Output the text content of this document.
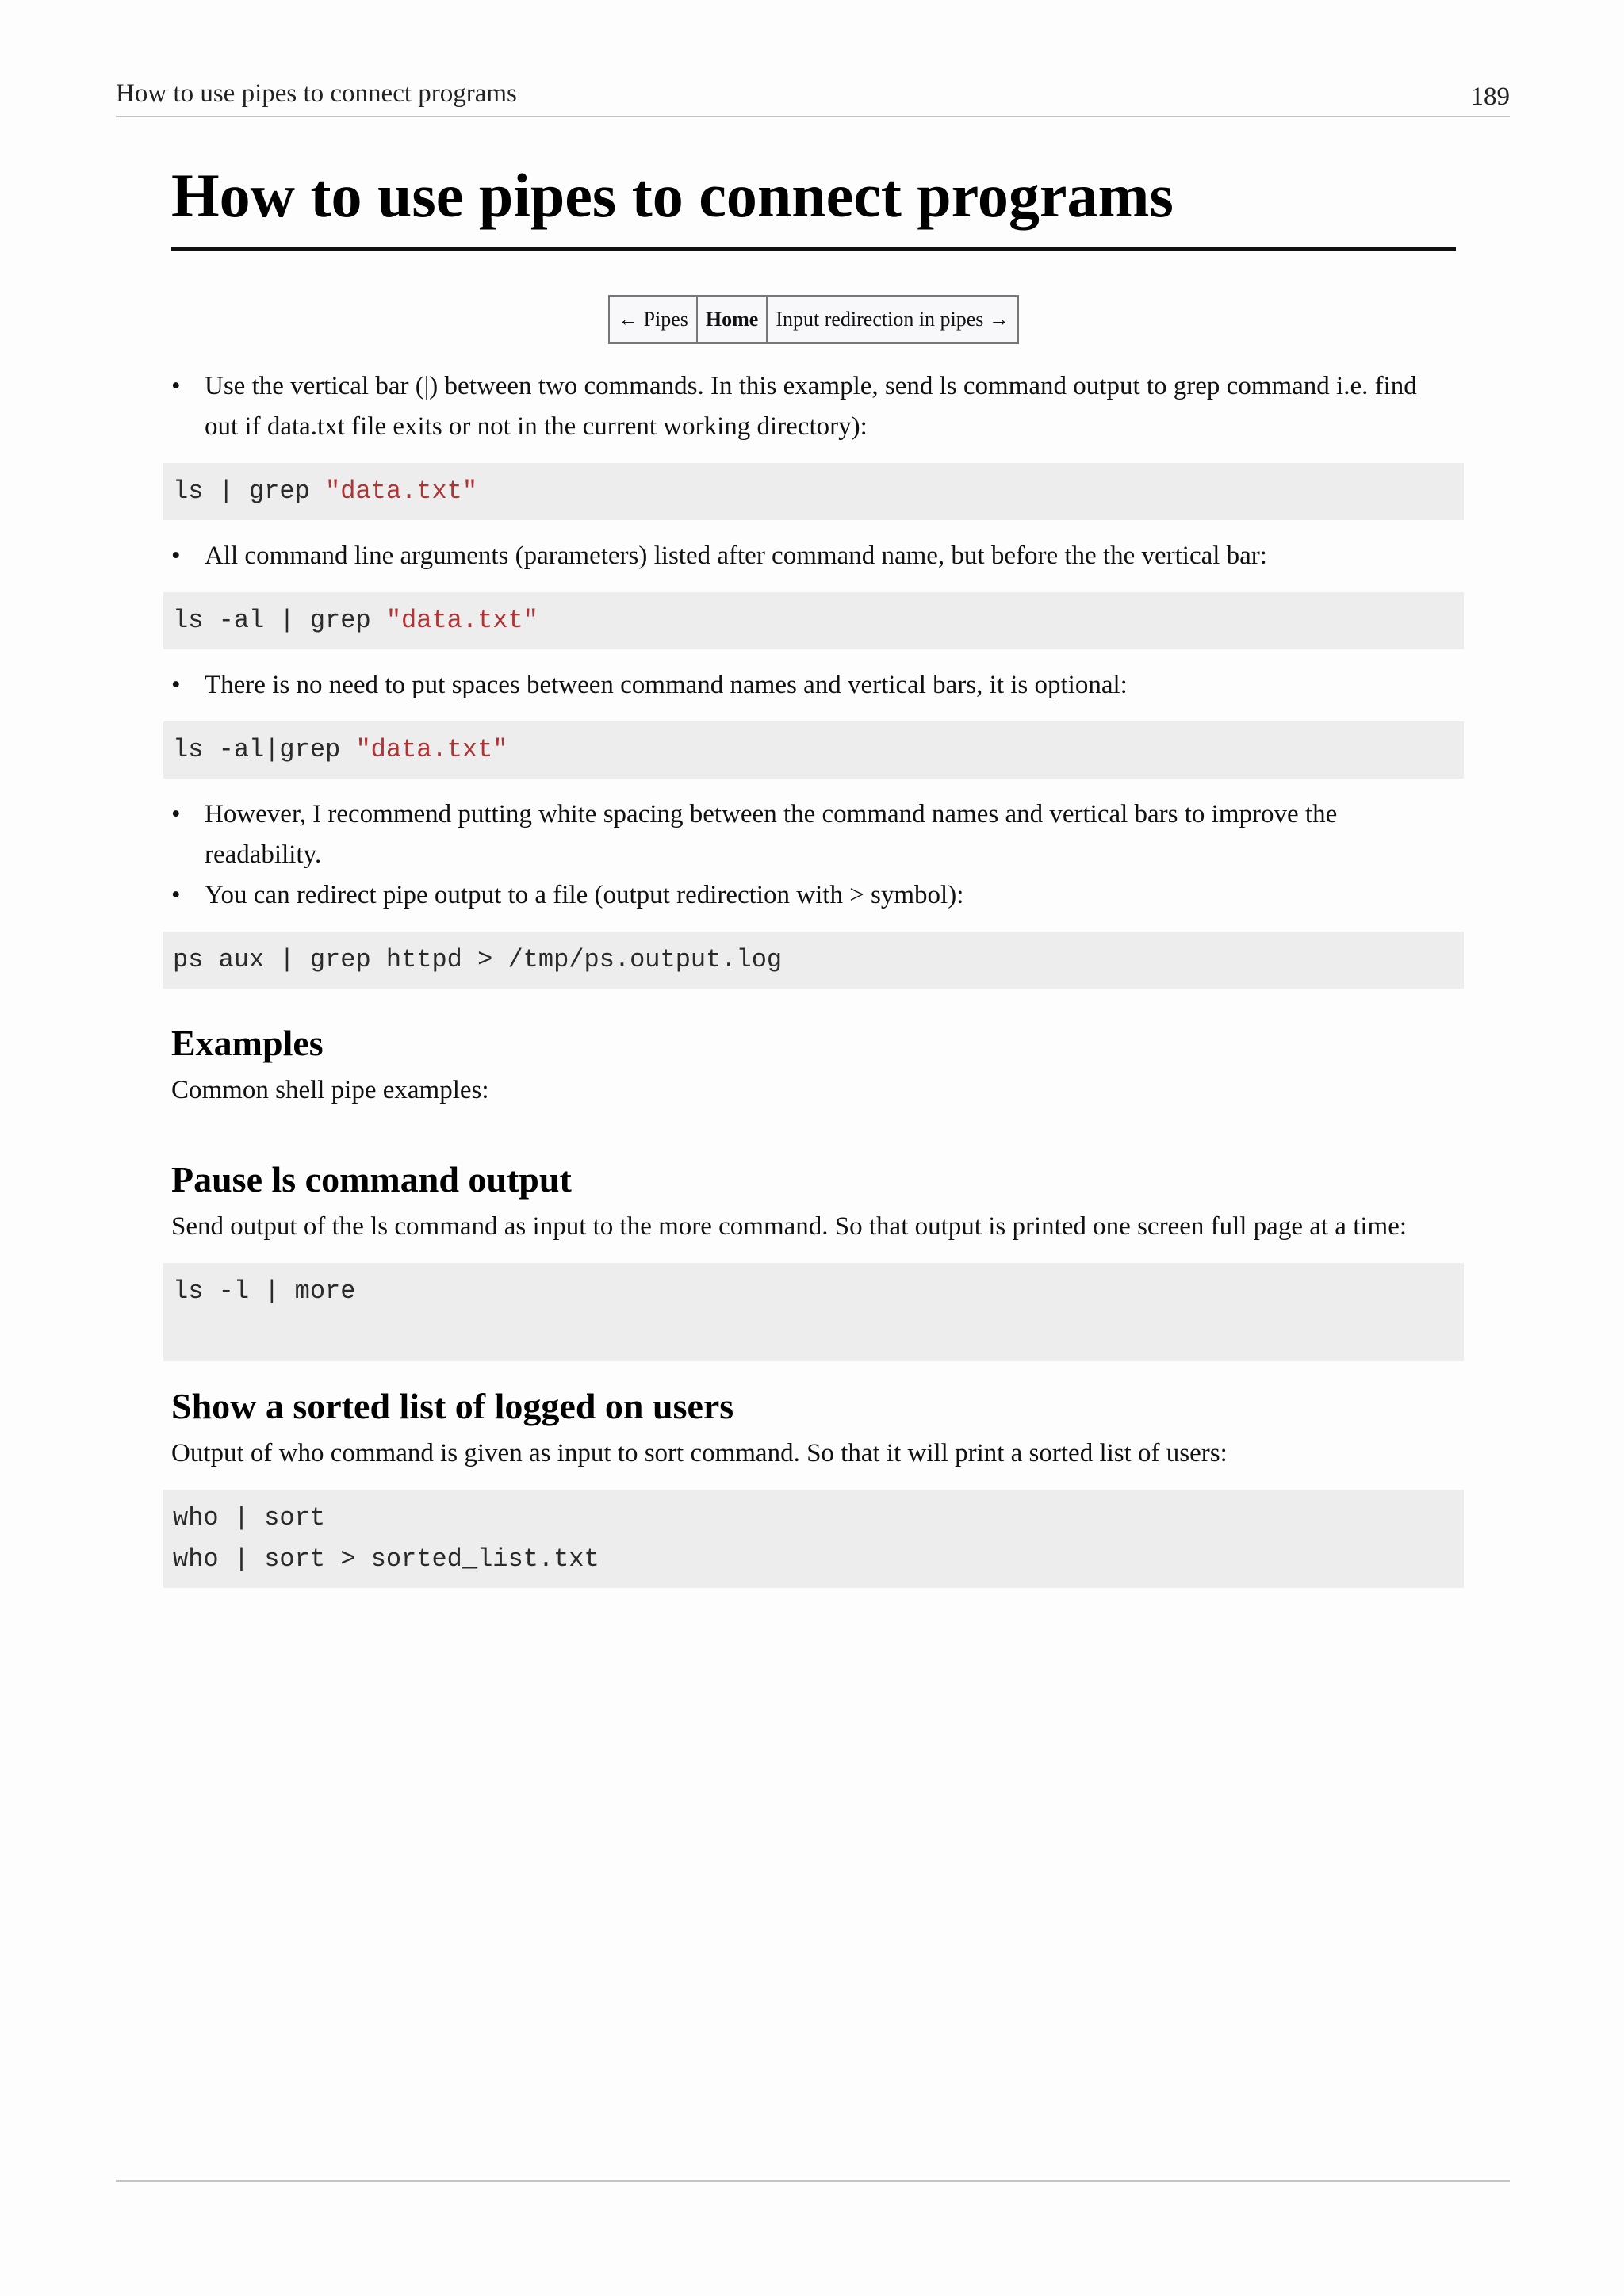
How to use pipes to connect programs	189
How to use pipes to connect programs
← Pipes	Home	Input redirection in pipes →
• Use the vertical bar (|) between two commands. In this example, send ls command output to grep command i.e. find out if data.txt file exits or not in the current working directory):
ls | grep "data.txt"
• All command line arguments (parameters) listed after command name, but before the the vertical bar:
ls -al | grep "data.txt"
• There is no need to put spaces between command names and vertical bars, it is optional:
ls -al|grep "data.txt"
• However, I recommend putting white spacing between the command names and vertical bars to improve the readability.
• You can redirect pipe output to a file (output redirection with > symbol):
ps aux | grep httpd > /tmp/ps.output.log
Examples

Common shell pipe examples:

Pause ls command output

Send output of the ls command as input to the more command. So that output is printed one screen full page at a time:

ls -l | more
Show a sorted list of logged on users

Output of who command is given as input to sort command. So that it will print a sorted list of users:

who | sort
who | sort > sorted_list.txt
